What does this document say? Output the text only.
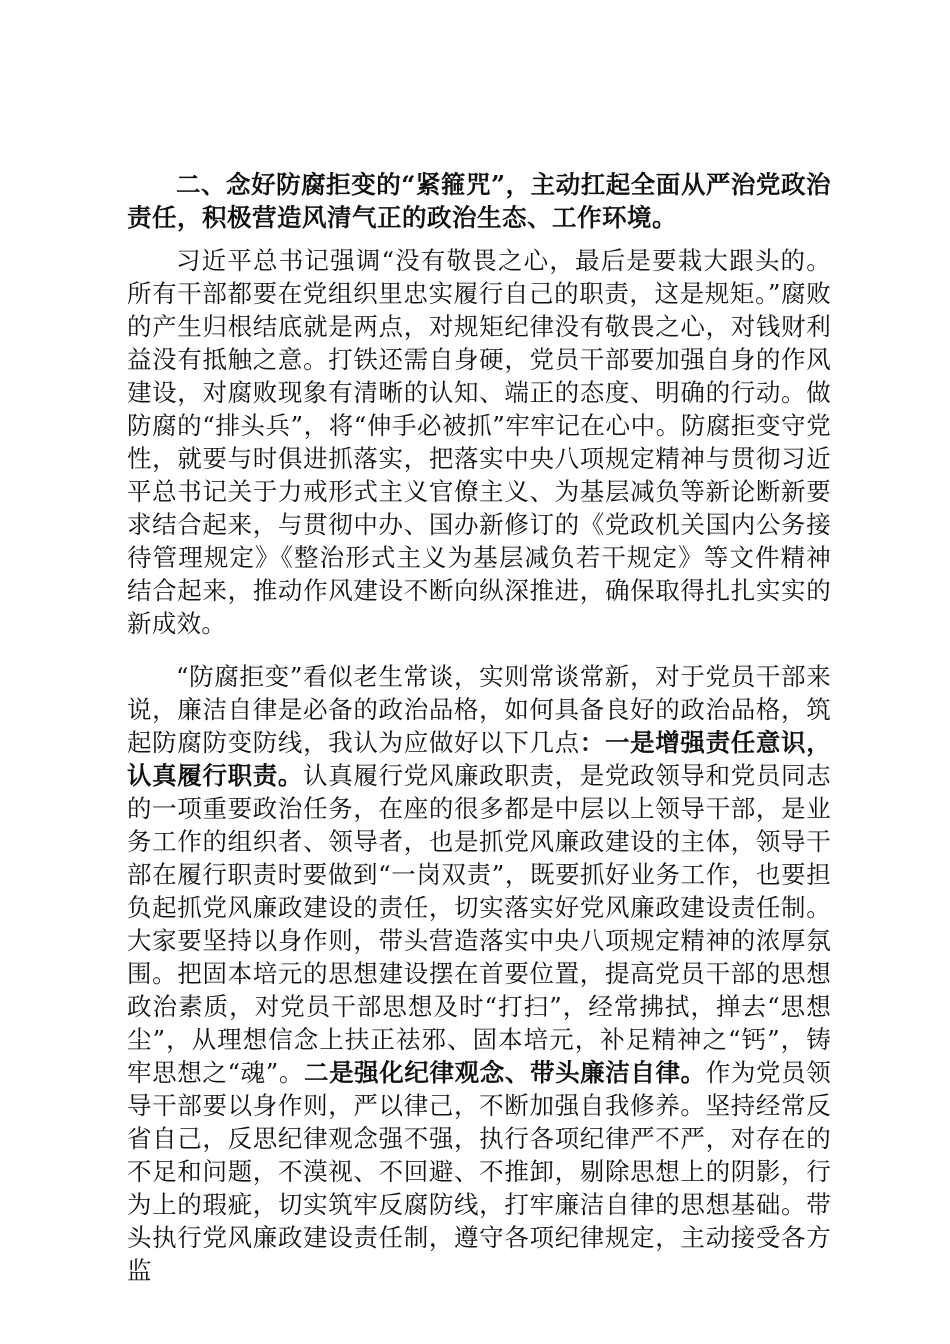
二、念好防腐拒变的“紧箍咒”，主动扛起全面从严治党政治责任，积极营造风清气正的政治生态、工作环境。

习近平总书记强调“没有敬畏之心，最后是要栽大跟头的。所有干部都要在党组织里忠实履行自己的职责，这是规矩。”腐败的产生归根结底就是两点，对规矩纪律没有敬畏之心，对钱财利益没有抵触之意。打铁还需自身硬，党员干部要加强自身的作风建设，对腐败现象有清晰的认知、端正的态度、明确的行动。做防腐的“排头兵”，将“伸手必被抓”牢牢记在心中。防腐拒变守党性，就要与时俱进抓落实，把落实中央八项规定精神与贯彻习近平总书记关于力戒形式主义官僚主义、为基层减负等新论断新要求结合起来，与贯彻中办、国办新修订的《党政机关国内公务接待管理规定》《整治形式主义为基层减负若干规定》等文件精神结合起来，推动作风建设不断向纵深推进，确保取得扎扎实实的新成效。

“防腐拒变”看似老生常谈，实则常谈常新，对于党员干部来说，廉洁自律是必备的政治品格，如何具备良好的政治品格，筑起防腐防变防线，我认为应做好以下几点：一是增强责任意识，认真履行职责。认真履行党风廉政职责，是党政领导和党员同志的一项重要政治任务，在座的很多都是中层以上领导干部，是业务工作的组织者、领导者，也是抓党风廉政建设的主体，领导干部在履行职责时要做到“一岗双责”，既要抓好业务工作，也要担负起抓党风廉政建设的责任，切实落实好党风廉政建设责任制。大家要坚持以身作则，带头营造落实中央八项规定精神的浓厚氛围。把固本培元的思想建设摆在首要位置，提高党员干部的思想政治素质，对党员干部思想及时“打扫”，经常拂拭，掸去“思想尘”，从理想信念上扶正祛邪、固本培元，补足精神之“钙”，铸牢思想之“魂”。二是强化纪律观念、带头廉洁自律。作为党员领导干部要以身作则，严以律己，不断加强自我修养。坚持经常反省自己，反思纪律观念强不强，执行各项纪律严不严，对存在的不足和问题，不漠视、不回避、不推卸，剔除思想上的阴影，行为上的瑕疵，切实筑牢反腐防线，打牢廉洁自律的思想基础。带头执行党风廉政建设责任制，遵守各项纪律规定，主动接受各方监
